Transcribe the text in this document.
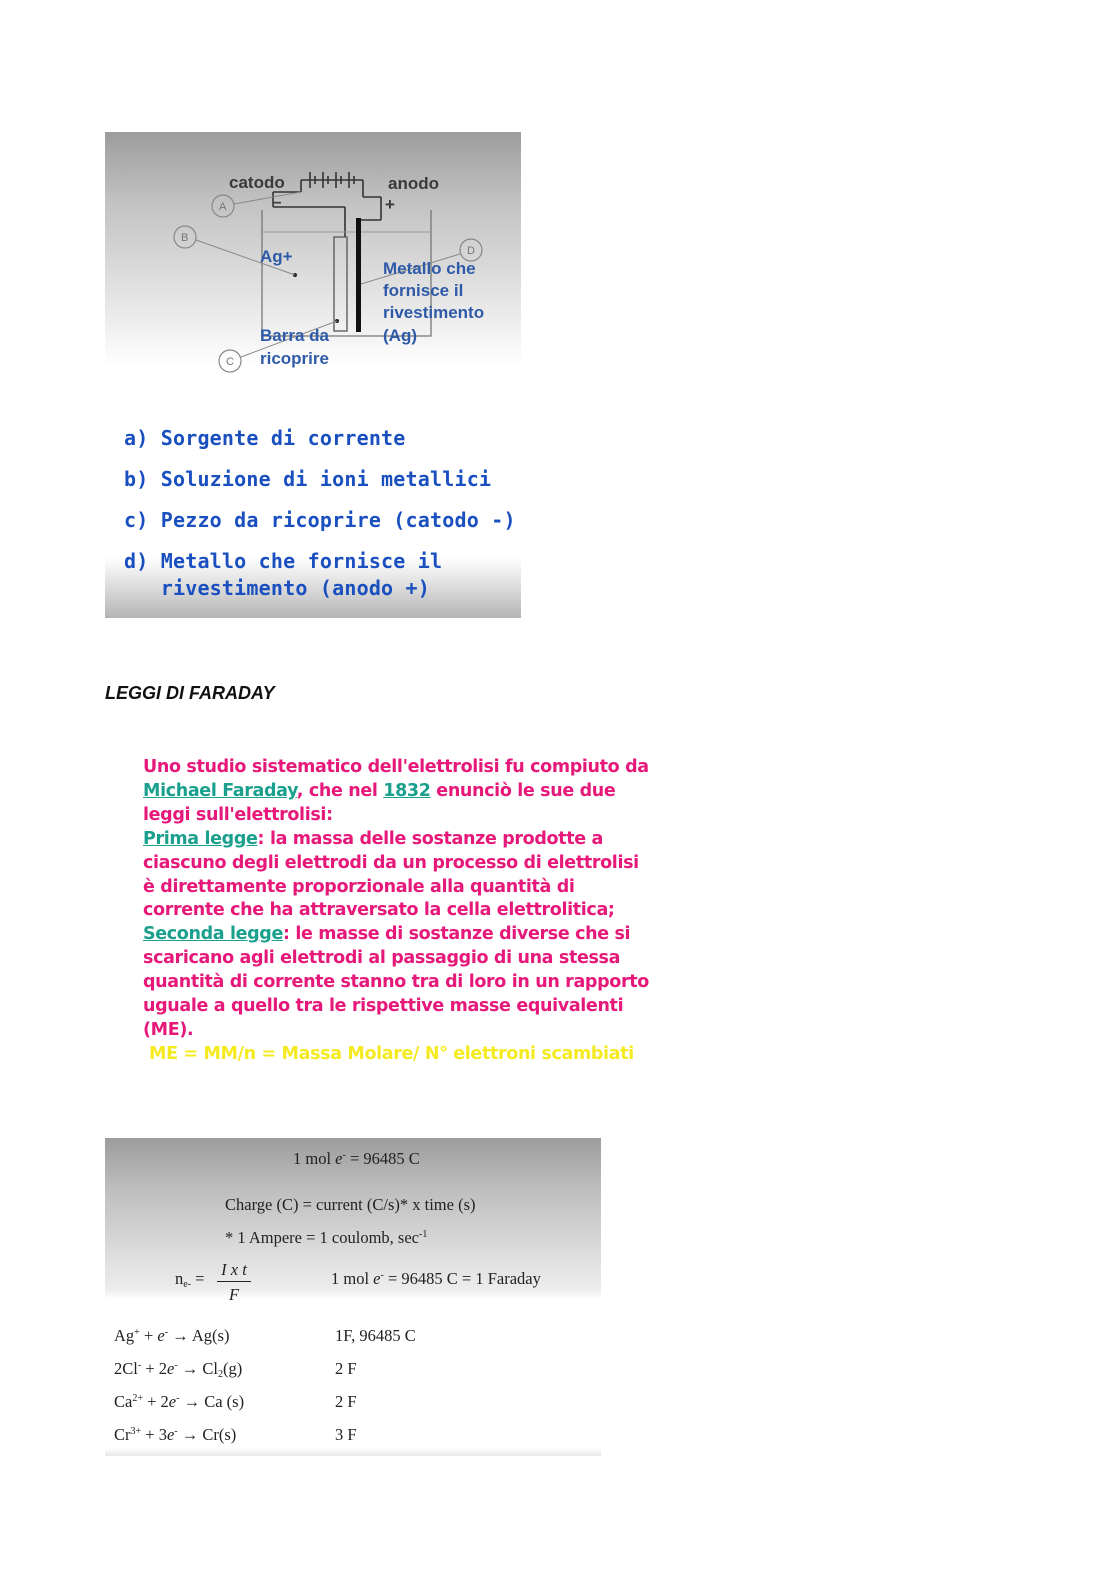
A
B
C
D
catodo	anodo
–	+
Ag+
Metallo che
fornisce il
rivestimento
(Ag)
Barra da
ricoprire
a) Sorgente di corrente
b) Soluzione di ioni metallici
c) Pezzo da ricoprire (catodo -)
d) Metallo che fornisce il
rivestimento (anodo +)
LEGGI DI FARADAY
Uno studio sistematico dell'elettrolisi fu compiuto da
Michael Faraday, che nel 1832 enunciò le sue due
leggi sull'elettrolisi:
Prima legge: la massa delle sostanze prodotte a
ciascuno degli elettrodi da un processo di elettrolisi
è direttamente proporzionale alla quantità di
corrente che ha attraversato la cella elettrolitica;
Seconda legge: le masse di sostanze diverse che si
scaricano agli elettrodi al passaggio di una stessa
quantità di corrente stanno tra di loro in un rapporto
uguale a quello tra le rispettive masse equivalenti
(ME).
ME = MM/n = Massa Molare/ N° elettroni scambiati
1 mol e- = 96485 C
Charge (C) = current (C/s)* x time (s)
* 1 Ampere = 1 coulomb, $\sec^{-1}$
$n_{e-} = \frac{\text{I x t}}{F}$	1 mol e- = 96485 C = 1 Faraday
Ag+ + e- → Ag(s)	1F, 96485 C
$2Cl^- + 2e^- \to Cl_2(g)$	2 F
$Ca^{2+} + 2e^- \to Ca$ (s)	2 F
$Cr^{3+} + 3e^- \to Cr(s)$	3 F
